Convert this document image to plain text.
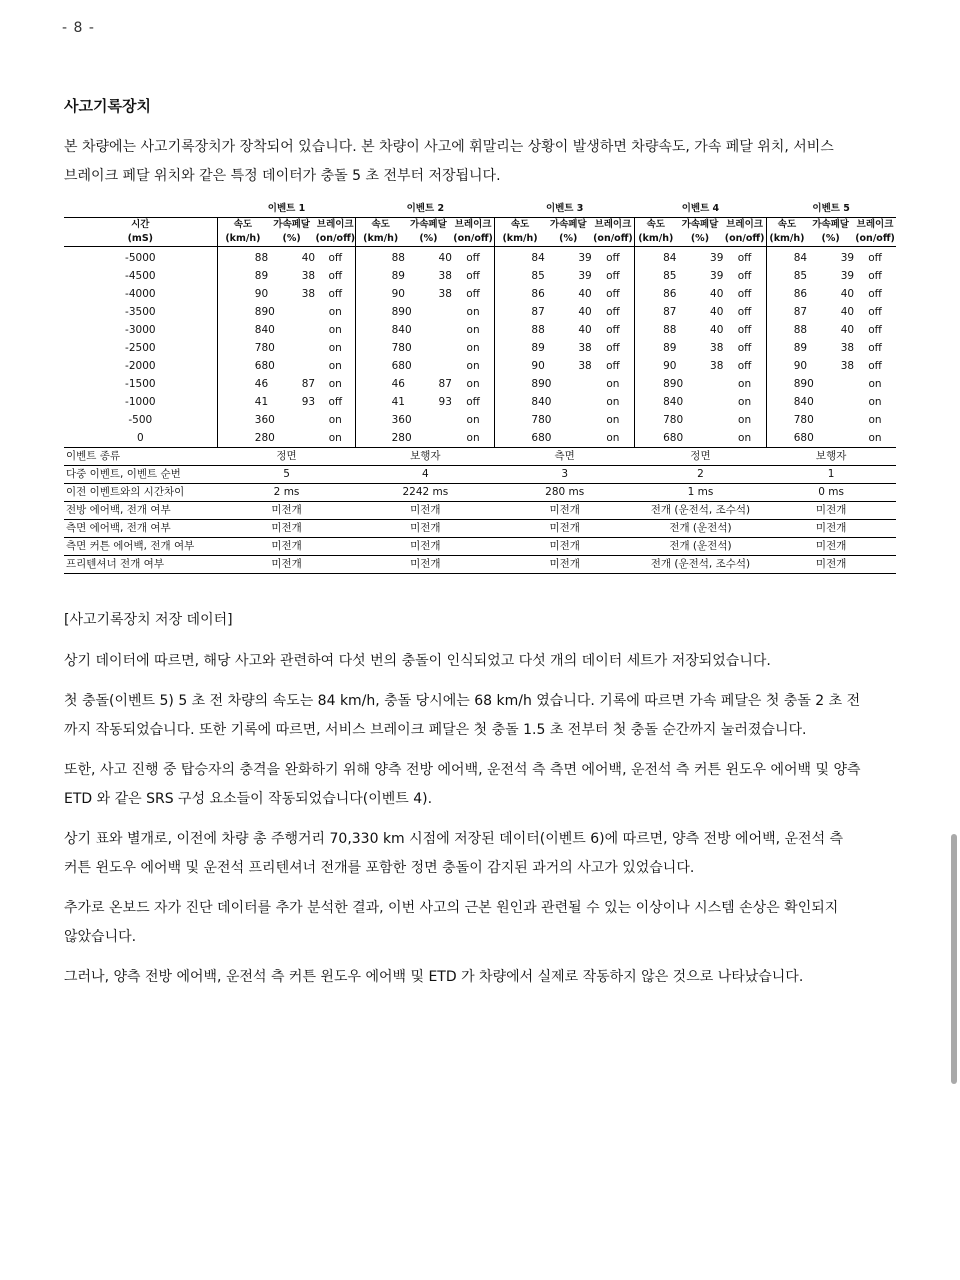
- 8 -
사고기록장치
본 차량에는 사고기록장치가 장착되어 있습니다. 본 차량이 사고에 휘말리는 상황이 발생하면 차량속도, 가속 페달 위치, 서비스
브레이크 페달 위치와 같은 특정 데이터가 충돌 5 초 전부터 저장됩니다.
	이벤트 1			이벤트 2			이벤트 3			이벤트 4			이벤트 5		
시간	속도	가속페달	브레이크	속도	가속페달	브레이크	속도	가속페달	브레이크	속도	가속페달	브레이크	속도	가속페달	브레이크
(mS)	(km/h)	(%)	(on/off)	(km/h)	(%)	(on/off)	(km/h)	(%)	(on/off)	(km/h)	(%)	(on/off)	(km/h)	(%)	(on/off)
-5000	88	40	off	88	40	off	84	39	off	84	39	off	84	39	off
-4500	89	38	off	89	38	off	85	39	off	85	39	off	85	39	off
-4000	90	38	off	90	38	off	86	40	off	86	40	off	86	40	off
-3500	89	0	on	89	0	on	87	40	off	87	40	off	87	40	off
-3000	84	0	on	84	0	on	88	40	off	88	40	off	88	40	off
-2500	78	0	on	78	0	on	89	38	off	89	38	off	89	38	off
-2000	68	0	on	68	0	on	90	38	off	90	38	off	90	38	off
-1500	46	87	on	46	87	on	89	0	on	89	0	on	89	0	on
-1000	41	93	off	41	93	off	84	0	on	84	0	on	84	0	on
-500	36	0	on	36	0	on	78	0	on	78	0	on	78	0	on
0	28	0	on	28	0	on	68	0	on	68	0	on	68	0	on
이벤트 종류	정면			보행자			측면			정면			보행자		
다중 이벤트, 이벤트 순번	5			4			3			2			1		
이전 이벤트와의 시간차이	2 ms			2242 ms			280 ms			1 ms			0 ms		
전방 에어백, 전개 여부	미전개			미전개			미전개			전개 (운전석, 조수석)			미전개		
측면 에어백, 전개 여부	미전개			미전개			미전개			전개 (운전석)			미전개		
측면 커튼 에어백, 전개 여부	미전개			미전개			미전개			전개 (운전석)			미전개		
프리텐셔너 전개 여부	미전개			미전개			미전개			전개 (운전석, 조수석)			미전개		

[사고기록장치 저장 데이터]

상기 데이터에 따르면, 해당 사고와 관련하여 다섯 번의 충돌이 인식되었고 다섯 개의 데이터 세트가 저장되었습니다.

첫 충돌(이벤트 5) 5 초 전 차량의 속도는 84 km/h, 충돌 당시에는 68 km/h 였습니다. 기록에 따르면 가속 페달은 첫 충돌 2 초 전
까지 작동되었습니다. 또한 기록에 따르면, 서비스 브레이크 페달은 첫 충돌 1.5 초 전부터 첫 충돌 순간까지 눌러졌습니다.

또한, 사고 진행 중 탑승자의 충격을 완화하기 위해 양측 전방 에어백, 운전석 측 측면 에어백, 운전석 측 커튼 윈도우 에어백 및 양측
ETD 와 같은 SRS 구성 요소들이 작동되었습니다(이벤트 4).

상기 표와 별개로, 이전에 차량 총 주행거리 70,330 km 시점에 저장된 데이터(이벤트 6)에 따르면, 양측 전방 에어백, 운전석 측
커튼 윈도우 에어백 및 운전석 프리텐셔너 전개를 포함한 정면 충돌이 감지된 과거의 사고가 있었습니다.

추가로 온보드 자가 진단 데이터를 추가 분석한 결과, 이번 사고의 근본 원인과 관련될 수 있는 이상이나 시스템 손상은 확인되지
않았습니다.

그러나, 양측 전방 에어백, 운전석 측 커튼 윈도우 에어백 및 ETD 가 차량에서 실제로 작동하지 않은 것으로 나타났습니다.
